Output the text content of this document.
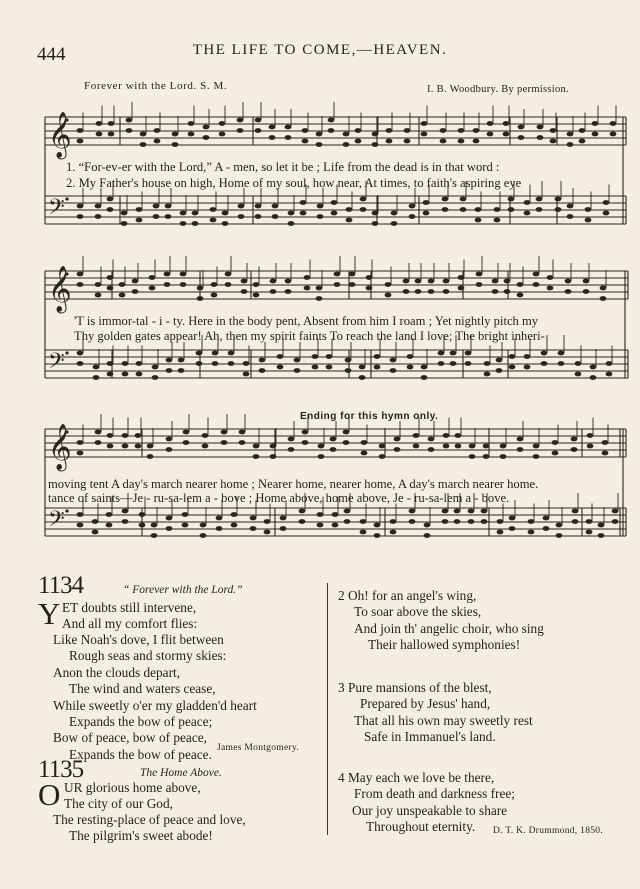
444	THE LIFE TO COME,—HEAVEN.
Forever with the Lord. S. M.	I. B. Woodbury. By permission.
𝄞
𝄢
𝄞
𝄢
𝄞
𝄢
1. “For-ev-er with the Lord,” A - men, so let it be ; Life from the dead is in that word :
2. My Father's house on high, Home of my soul, how near, At times, to faith's aspiring eye
'T is immor-tal - i - ty. Here in the body pent, Absent from him I roam ; Yet nightly pitch my
Thy golden gates appear! Ah, then my spirit faints To reach the land I love; The bright inheri-
Ending for this hymn only.
moving tent A day's march nearer home ; Nearer home, nearer home, A day's march nearer home.
tance of saints—Je - ru-sa-lem a - bove ; Home above, home above, Je - ru-sa-lem a - bove.
1134	“ Forever with the Lord.”
Y ET doubts still intervene,
And all my comfort flies:
Like Noah's dove, I flit between
Rough seas and stormy skies:
Anon the clouds depart,
The wind and waters cease,
While sweetly o'er my gladden'd heart
Expands the bow of peace;
Bow of peace, bow of peace,
Expands the bow of peace. James Montgomery.
1135	The Home Above.
O UR glorious home above,
The city of our God,
The resting-place of peace and love,
The pilgrim's sweet abode!
2 Oh! for an angel's wing,
To soar above the skies,
And join th' angelic choir, who sing
Their hallowed symphonies!
3 Pure mansions of the blest,
Prepared by Jesus' hand,
That all his own may sweetly rest
Safe in Immanuel's land.
4 May each we love be there,
From death and darkness free;
Our joy unspeakable to share
Throughout eternity.	D. T. K. Drummond, 1850.
